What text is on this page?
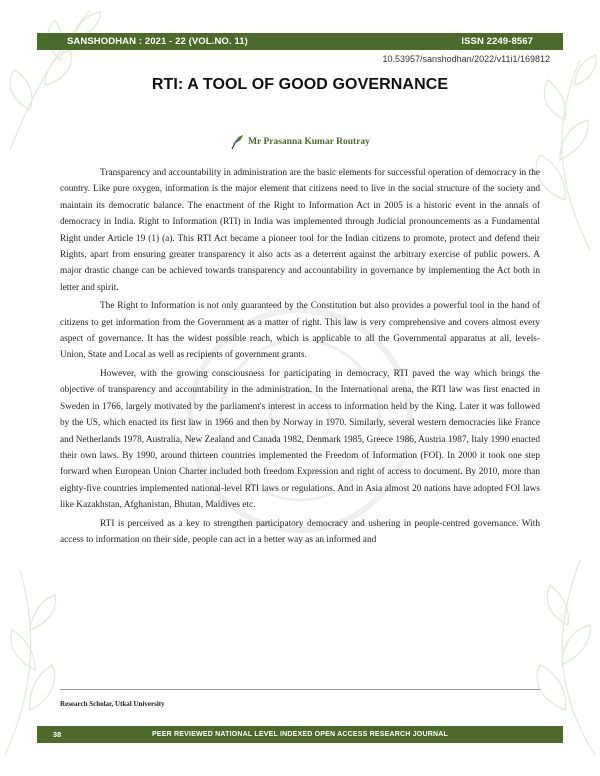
SANSHODHAN : 2021 - 22 (VOL.NO. 11)	ISSN 2249-8567
10.53957/sanshodhan/2022/v11i1/169812
RTI: A TOOL OF GOOD GOVERNANCE
Mr Prasanna Kumar Routray

Transparency and accountability in administration are the basic elements for successful operation of democracy in the country. Like pure oxygen, information is the major element that citizens need to live in the social structure of the society and maintain its democratic balance. The enactment of the Right to Information Act in 2005 is a historic event in the annals of democracy in India. Right to Information (RTI) in India was implemented through Judicial pronouncements as a Fundamental Right under Article 19 (1) (a). This RTI Act became a pioneer tool for the Indian citizens to promote, protect and defend their Rights, apart from ensuring greater transparency it also acts as a deterrent against the arbitrary exercise of public powers. A major drastic change can be achieved towards transparency and accountability in governance by implementing the Act both in letter and spirit.

The Right to Information is not only guaranteed by the Constitution but also provides a powerful tool in the hand of citizens to get information from the Government as a matter of right. This law is very comprehensive and covers almost every aspect of governance. It has the widest possible reach, which is applicable to all the Governmental apparatus at all, levels- Union, State and Local as well as recipients of government grants.

However, with the growing consciousness for participating in democracy, RTI paved the way which brings the objective of transparency and accountability in the administration. In the International arena, the RTI law was first enacted in Sweden in 1766, largely motivated by the parliament's interest in access to information held by the King. Later it was followed by the US, which enacted its first law in 1966 and then by Norway in 1970. Similarly, several western democracies like France and Netherlands 1978, Australia, New Zealand and Canada 1982, Denmark 1985, Greece 1986, Austria 1987, Italy 1990 enacted their own laws. By 1990, around thirteen countries implemented the Freedom of Information (FOI). In 2000 it took one step forward when European Union Charter included both freedom Expression and right of access to document. By 2010, more than eighty-five countries implemented national-level RTI laws or regulations. And in Asia almost 20 nations have adopted FOI laws like Kazakhstan, Afghanistan, Bhutan, Maldives etc.

RTI is perceived as a key to strengthen participatory democracy and ushering in people-centred governance. With access to information on their side, people can act in a better way as an informed and

Research Scholar, Utkal University
38	PEER REVIEWED NATIONAL LEVEL INDEXED OPEN ACCESS RESEARCH JOURNAL
